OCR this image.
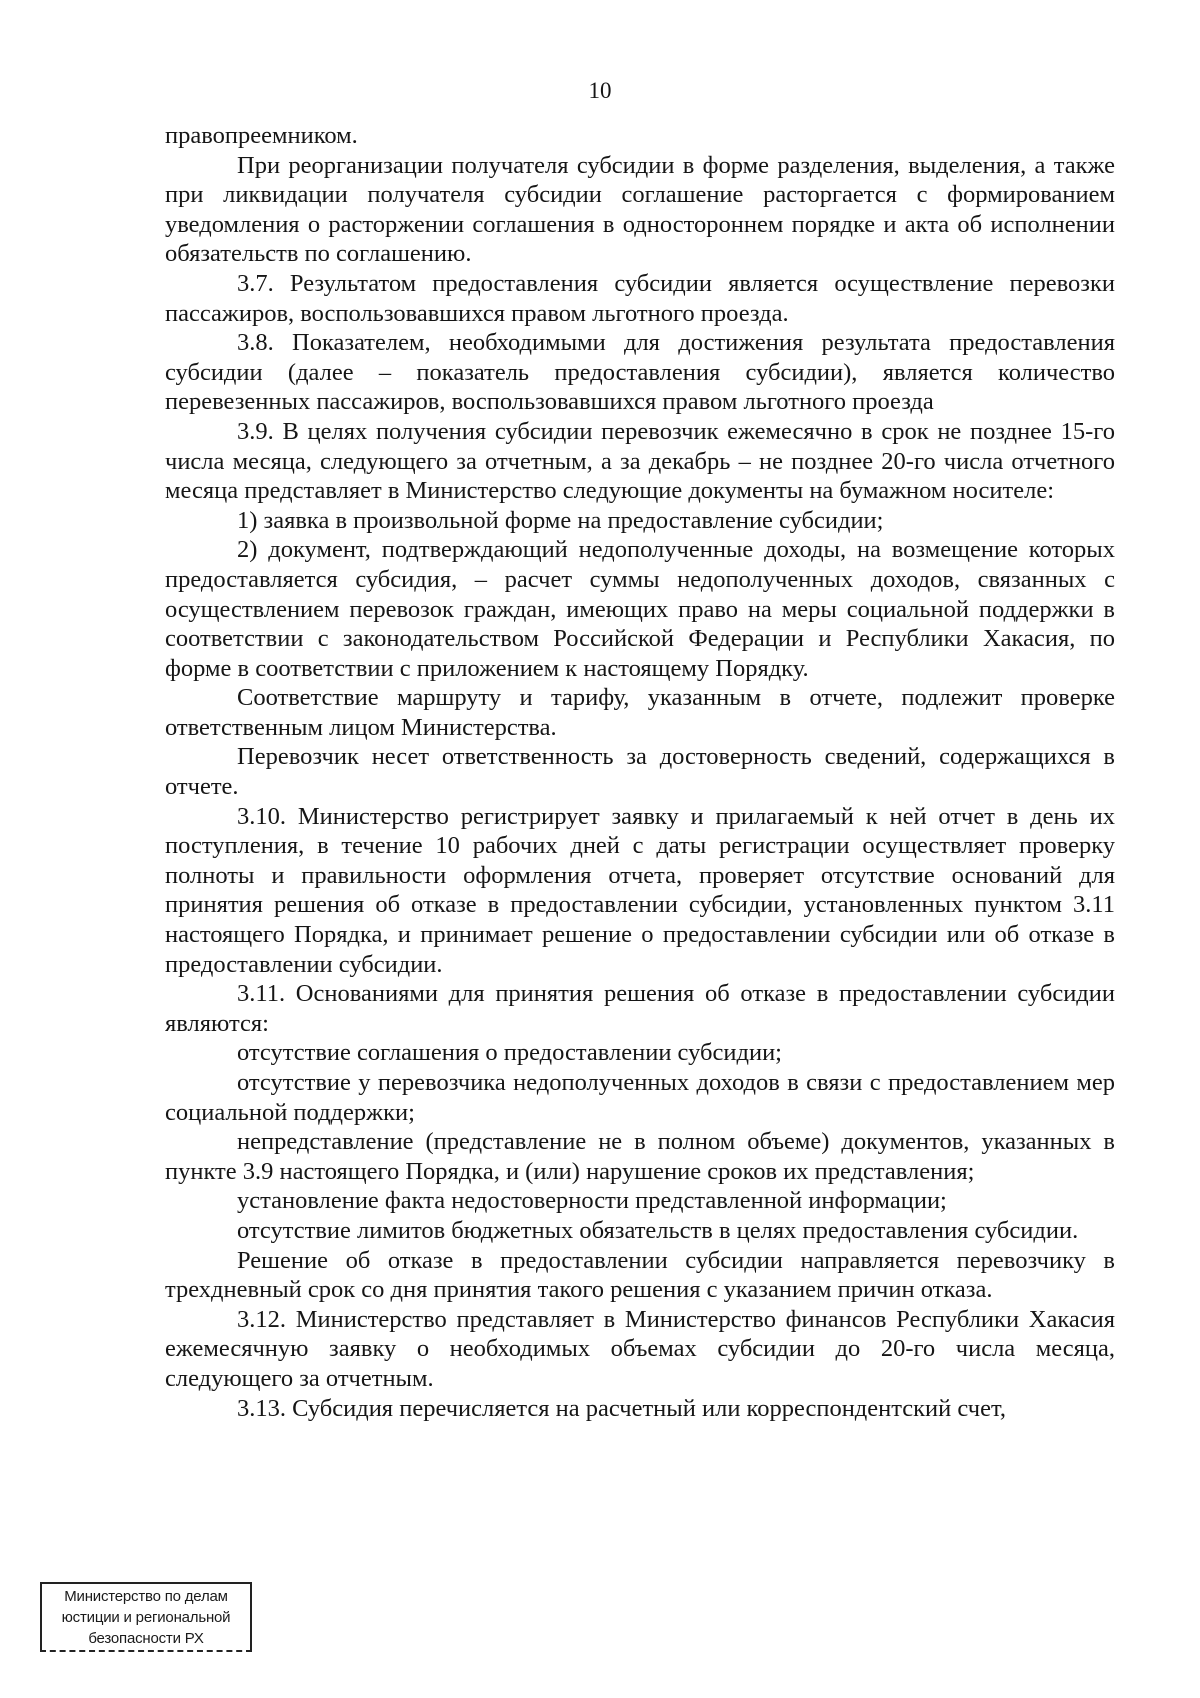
10

правопреемником.

При реорганизации получателя субсидии в форме разделения, выделения, а также при ликвидации получателя субсидии соглашение расторгается с формированием уведомления о расторжении соглашения в одностороннем порядке и акта об исполнении обязательств по соглашению.

3.7. Результатом предоставления субсидии является осуществление перевозки пассажиров, воспользовавшихся правом льготного проезда.

3.8. Показателем, необходимыми для достижения результата предоставления субсидии (далее – показатель предоставления субсидии), является количество перевезенных пассажиров, воспользовавшихся правом льготного проезда

3.9. В целях получения субсидии перевозчик ежемесячно в срок не позднее 15-го числа месяца, следующего за отчетным, а за декабрь – не позднее 20-го числа отчетного месяца представляет в Министерство следующие документы на бумажном носителе:

1) заявка в произвольной форме на предоставление субсидии;

2) документ, подтверждающий недополученные доходы, на возмещение которых предоставляется субсидия, – расчет суммы недополученных доходов, связанных с осуществлением перевозок граждан, имеющих право на меры социальной поддержки в соответствии с законодательством Российской Федерации и Республики Хакасия, по форме в соответствии с приложением к настоящему Порядку.

Соответствие маршруту и тарифу, указанным в отчете, подлежит проверке ответственным лицом Министерства.

Перевозчик несет ответственность за достоверность сведений, содержащихся в отчете.

3.10. Министерство регистрирует заявку и прилагаемый к ней отчет в день их поступления, в течение 10 рабочих дней с даты регистрации осуществляет проверку полноты и правильности оформления отчета, проверяет отсутствие оснований для принятия решения об отказе в предоставлении субсидии, установленных пунктом 3.11 настоящего Порядка, и принимает решение о предоставлении субсидии или об отказе в предоставлении субсидии.

3.11. Основаниями для принятия решения об отказе в предоставлении субсидии являются:

отсутствие соглашения о предоставлении субсидии;

отсутствие у перевозчика недополученных доходов в связи с предоставлением мер социальной поддержки;

непредставление (представление не в полном объеме) документов, указанных в пункте 3.9 настоящего Порядка, и (или) нарушение сроков их представления;

установление факта недостоверности представленной информации;

отсутствие лимитов бюджетных обязательств в целях предоставления субсидии.

Решение об отказе в предоставлении субсидии направляется перевозчику в трехдневный срок со дня принятия такого решения с указанием причин отказа.

3.12. Министерство представляет в Министерство финансов Республики Хакасия ежемесячную заявку о необходимых объемах субсидии до 20-го числа месяца, следующего за отчетным.

3.13. Субсидия перечисляется на расчетный или корреспондентский счет,

Министерство по делам
юстиции и региональной
безопасности РХ
